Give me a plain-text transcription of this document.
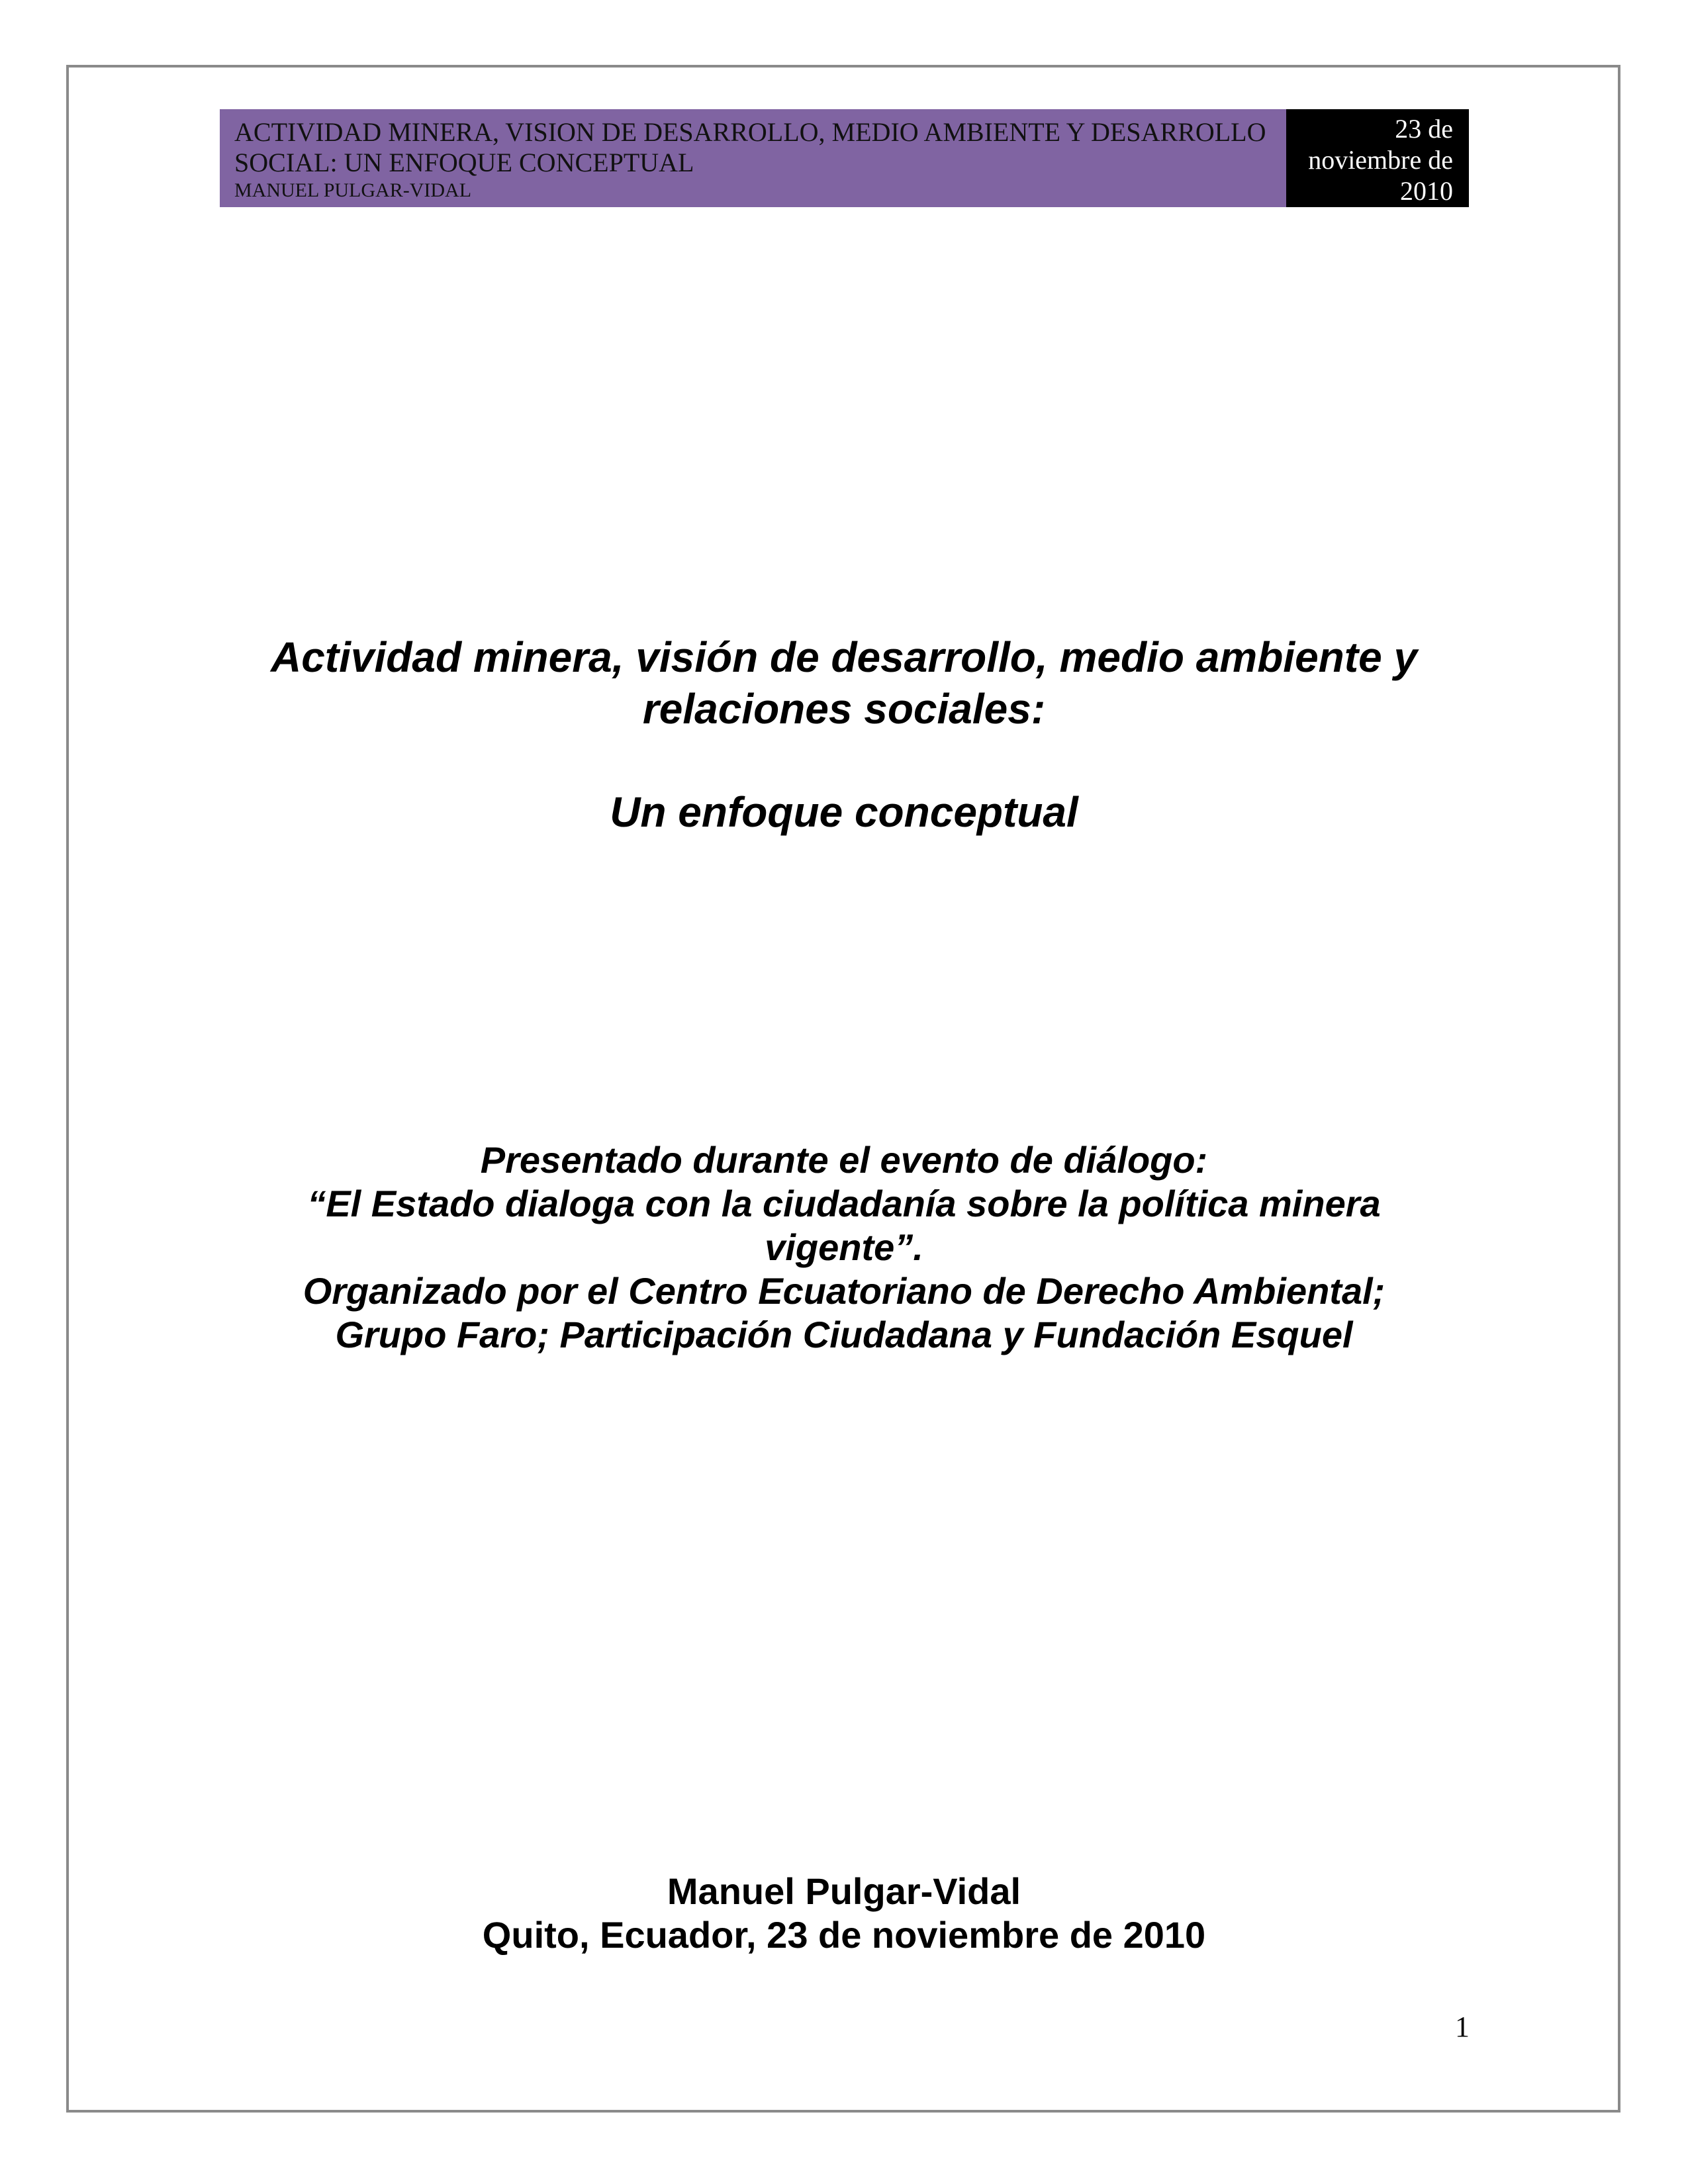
ACTIVIDAD MINERA, VISION DE DESARROLLO, MEDIO AMBIENTE Y DESARROLLO SOCIAL: UN ENFOQUE CONCEPTUAL

MANUEL PULGAR-VIDAL

23 de
noviembre de
2010
Actividad minera, visión de desarrollo, medio ambiente y relaciones sociales:
Un enfoque conceptual

Presentado durante el evento de diálogo:

“El Estado dialoga con la ciudadanía sobre la política minera

vigente”.

Organizado por el Centro Ecuatoriano de Derecho Ambiental;

Grupo Faro; Participación Ciudadana y Fundación Esquel

Manuel Pulgar-Vidal

Quito, Ecuador, 23 de noviembre de 2010

1
